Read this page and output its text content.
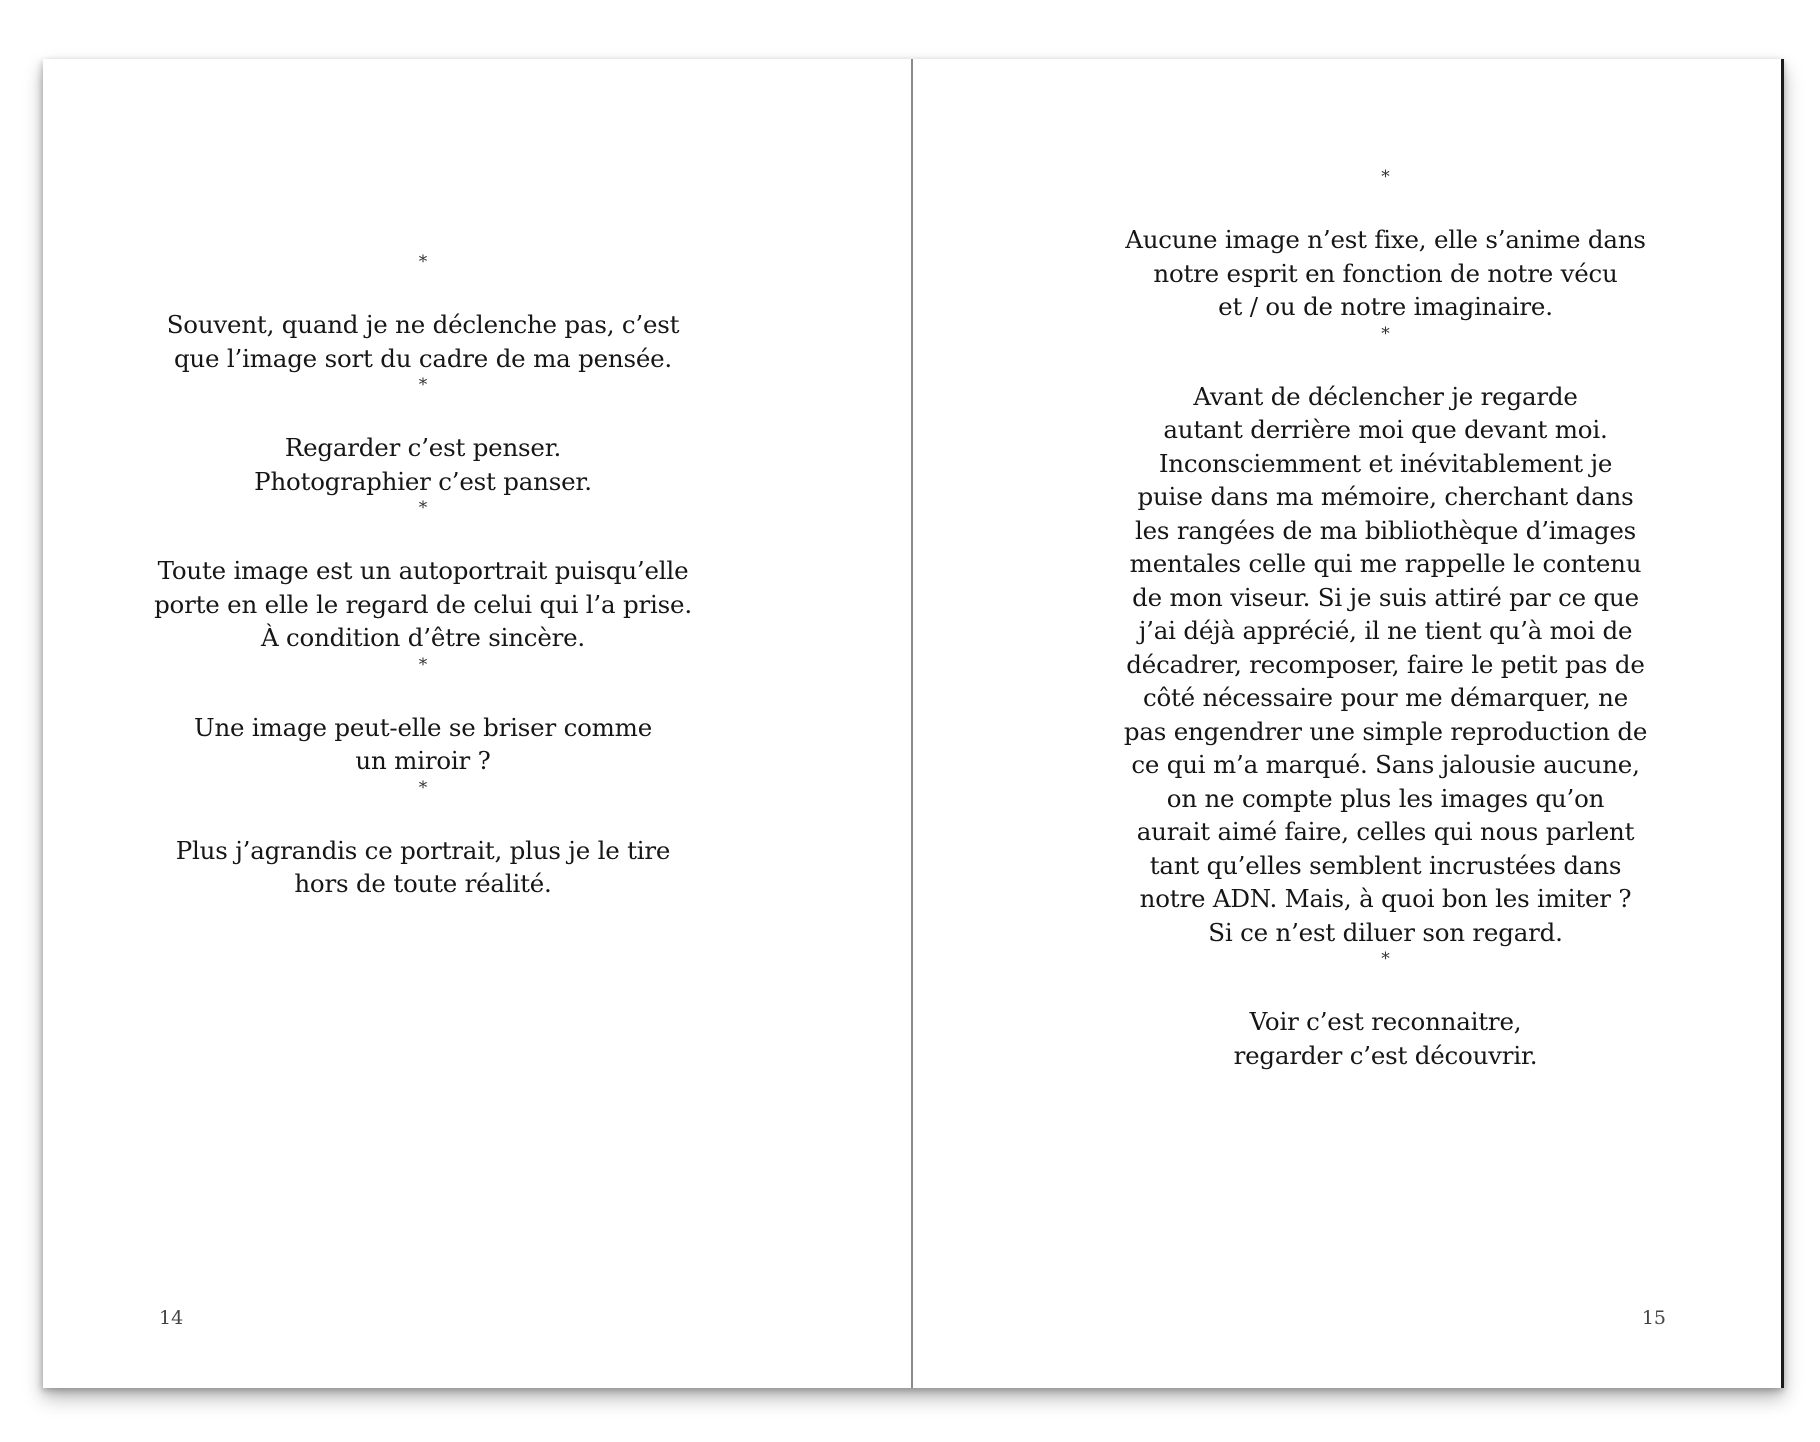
*
Souvent, quand je ne déclenche pas, c’est
que l’image sort du cadre de ma pensée.
*
Regarder c’est penser.
Photographier c’est panser.
*
Toute image est un autoportrait puisqu’elle
porte en elle le regard de celui qui l’a prise.
À condition d’être sincère.
*
Une image peut-elle se briser comme
un miroir ?
*
Plus j’agrandis ce portrait, plus je le tire
hors de toute réalité.
14
*
Aucune image n’est fixe, elle s’anime dans
notre esprit en fonction de notre vécu
et / ou de notre imaginaire.
*
Avant de déclencher je regarde
autant derrière moi que devant moi.
Inconsciemment et inévitablement je
puise dans ma mémoire, cherchant dans
les rangées de ma bibliothèque d’images
mentales celle qui me rappelle le contenu
de mon viseur. Si je suis attiré par ce que
j’ai déjà apprécié, il ne tient qu’à moi de
décadrer, recomposer, faire le petit pas de
côté nécessaire pour me démarquer, ne
pas engendrer une simple reproduction de
ce qui m’a marqué. Sans jalousie aucune,
on ne compte plus les images qu’on
aurait aimé faire, celles qui nous parlent
tant qu’elles semblent incrustées dans
notre ADN. Mais, à quoi bon les imiter ?
Si ce n’est diluer son regard.
*
Voir c’est reconnaitre,
regarder c’est découvrir.
15
